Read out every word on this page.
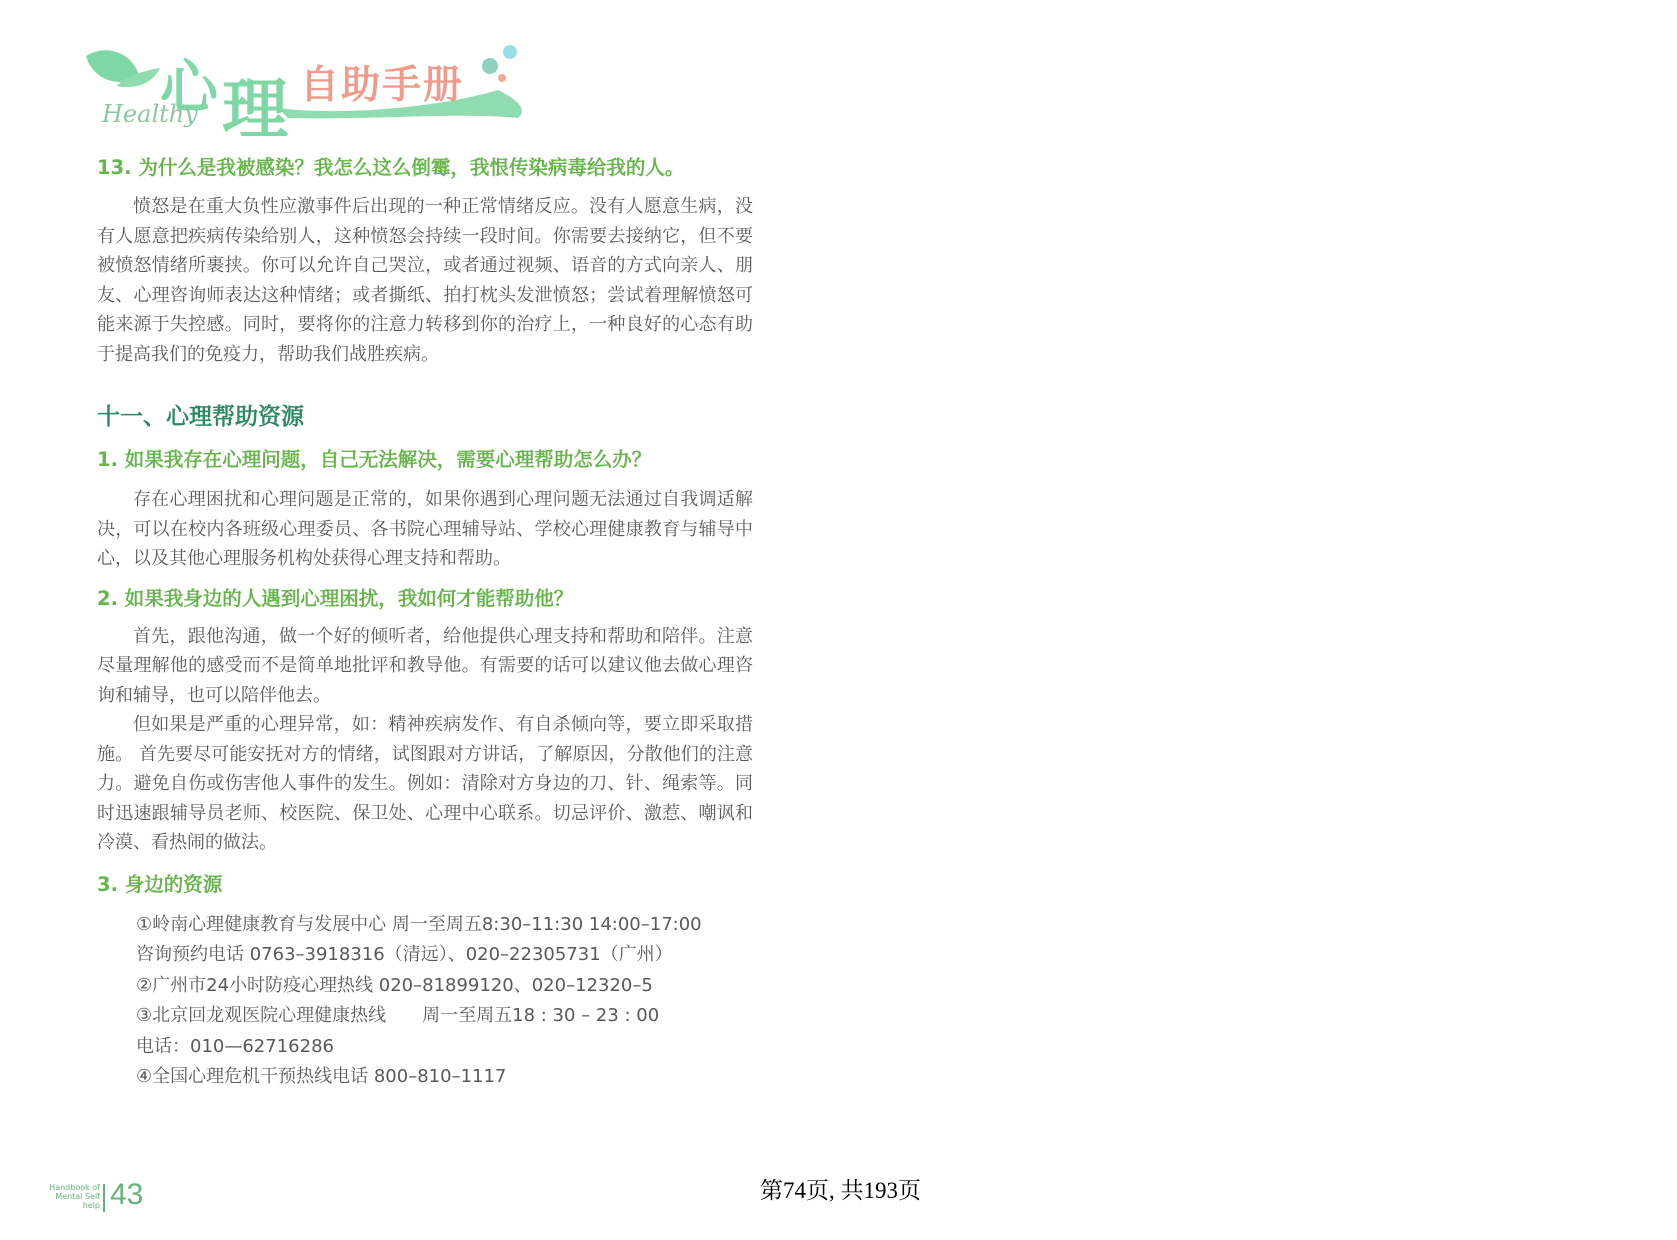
心 理 自助手册
Healthy
13. 为什么是我被感染？我怎么这么倒霉，我恨传染病毒给我的人。
愤怒是在重大负性应激事件后出现的一种正常情绪反应。没有人愿意生病，没有人愿意把疾病传染给别人，这种愤怒会持续一段时间。你需要去接纳它，但不要被愤怒情绪所裹挟。你可以允许自己哭泣，或者通过视频、语音的方式向亲人、朋友、心理咨询师表达这种情绪；或者撕纸、拍打枕头发泄愤怒；尝试着理解愤怒可能来源于失控感。同时，要将你的注意力转移到你的治疗上，一种良好的心态有助于提高我们的免疫力，帮助我们战胜疾病。
十一、心理帮助资源
1. 如果我存在心理问题，自己无法解决，需要心理帮助怎么办？
存在心理困扰和心理问题是正常的，如果你遇到心理问题无法通过自我调适解决，可以在校内各班级心理委员、各书院心理辅导站、学校心理健康教育与辅导中心，以及其他心理服务机构处获得心理支持和帮助。
2. 如果我身边的人遇到心理困扰，我如何才能帮助他？
首先，跟他沟通，做一个好的倾听者，给他提供心理支持和帮助和陪伴。注意尽量理解他的感受而不是简单地批评和教导他。有需要的话可以建议他去做心理咨询和辅导，也可以陪伴他去。
但如果是严重的心理异常，如：精神疾病发作、有自杀倾向等，要立即采取措施。 首先要尽可能安抚对方的情绪，试图跟对方讲话，了解原因，分散他们的注意力。避免自伤或伤害他人事件的发生。例如：清除对方身边的刀、针、绳索等。同时迅速跟辅导员老师、校医院、保卫处、心理中心联系。切忌评价、激惹、嘲讽和冷漠、看热闹的做法。
3. 身边的资源
①岭南心理健康教育与发展中心 周一至周五8:30–11:30 14:00–17:00
咨询预约电话 0763–3918316（清远）、020–22305731（广州）
②广州市24小时防疫心理热线 020–81899120、020–12320–5
③北京回龙观医院心理健康热线　　周一至周五18 : 30 – 23 : 00
电话：010—62716286
④全国心理危机干预热线电话 800–810–1117
Handbook of
Mental Self
help 43	第74页, 共193页
